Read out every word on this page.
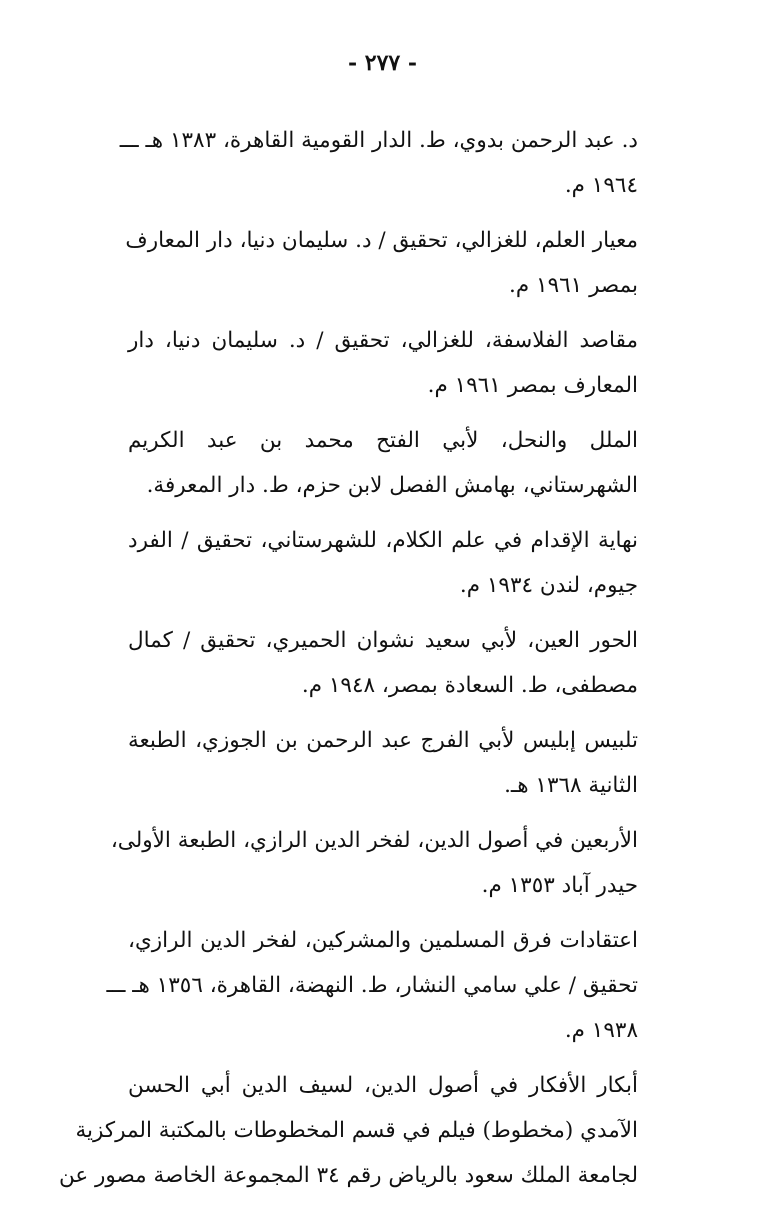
- ٢٧٧ -

د. عبد الرحمن بدوي، ط. الدار القومية القاهرة، ١٣٨٣ هـ ـــ
١٩٦٤ م.

معيار العلم، للغزالي، تحقيق / د. سليمان دنيا، دار المعارف
بمصر ١٩٦١ م.

مقاصد الفلاسفة، للغزالي، تحقيق / د. سليمان دنيا، دار
المعارف بمصر ١٩٦١ م.

الملل والنحل، لأبي الفتح محمد بن عبد الكريم
الشهرستاني، بهامش الفصل لابن حزم، ط. دار المعرفة.

نهاية الإقدام في علم الكلام، للشهرستاني، تحقيق / الفرد
جيوم، لندن ١٩٣٤ م.

الحور العين، لأبي سعيد نشوان الحميري، تحقيق / كمال
مصطفى، ط. السعادة بمصر، ١٩٤٨ م.

تلبيس إبليس لأبي الفرج عبد الرحمن بن الجوزي، الطبعة
الثانية ١٣٦٨ هـ.

الأربعين في أصول الدين، لفخر الدين الرازي، الطبعة الأولى،
حيدر آباد ١٣٥٣ م.

اعتقادات فرق المسلمين والمشركين، لفخر الدين الرازي،
تحقيق / علي سامي النشار، ط. النهضة، القاهرة، ١٣٥٦ هـ ـــ
١٩٣٨ م.

أبكار الأفكار في أصول الدين، لسيف الدين أبي الحسن
الآمدي (مخطوط) فيلم في قسم المخطوطات بالمكتبة المركزية
لجامعة الملك سعود بالرياض رقم ٣٤ المجموعة الخاصة مصور عن
